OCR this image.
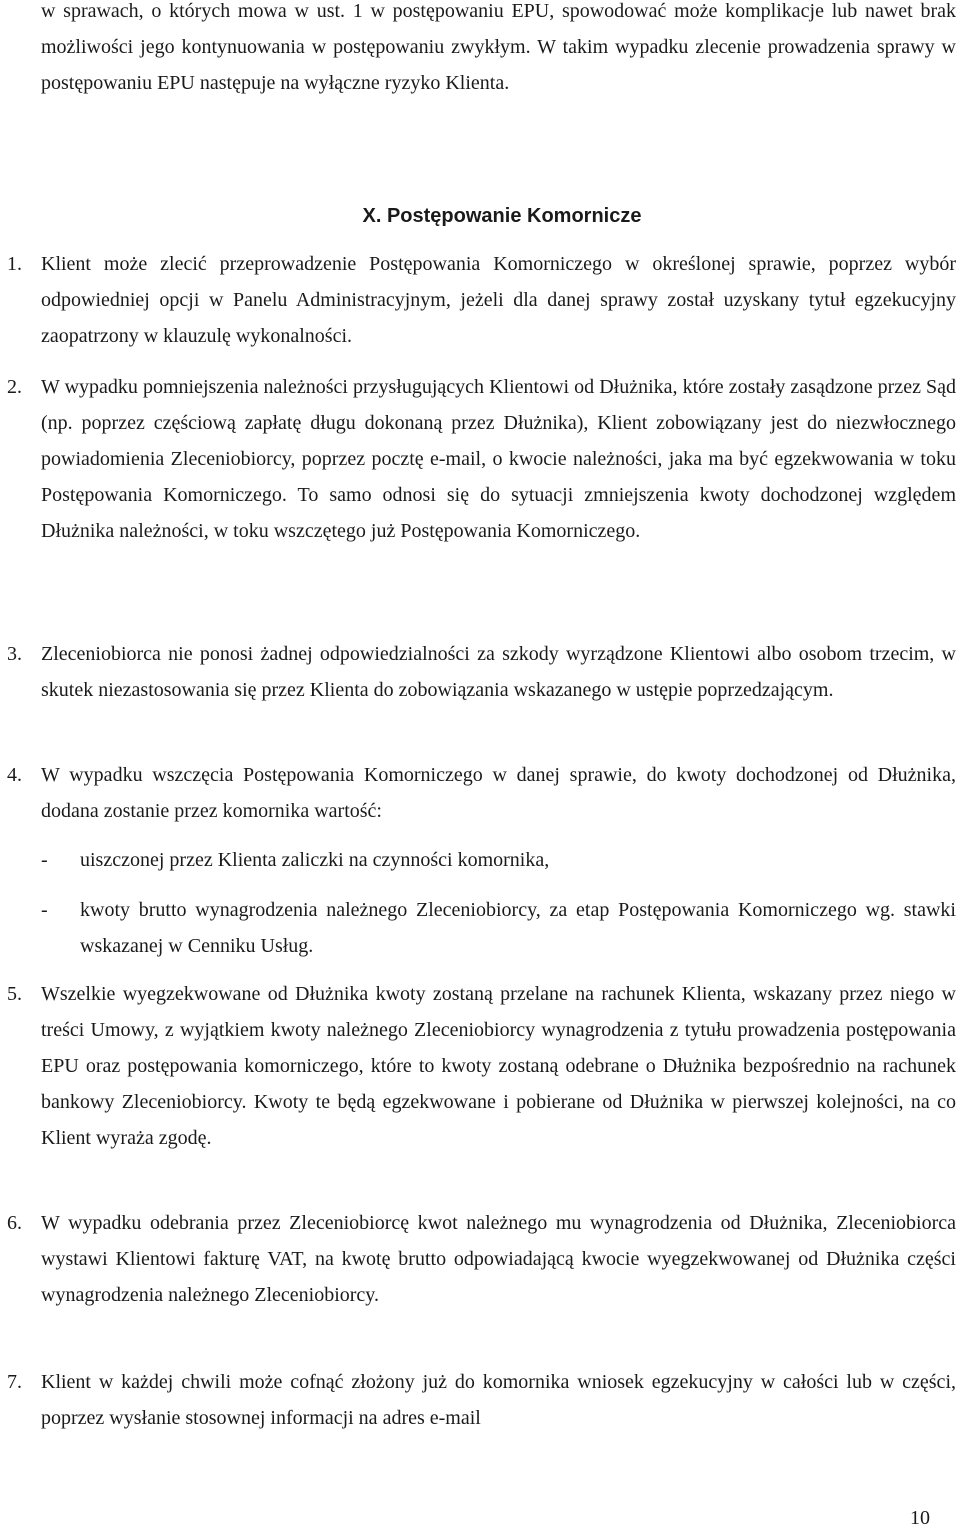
w sprawach, o których mowa w ust. 1 w postępowaniu EPU, spowodować może komplikacje lub nawet brak możliwości jego kontynuowania w postępowaniu zwykłym. W takim wypadku zlecenie prowadzenia sprawy w postępowaniu EPU następuje na wyłączne ryzyko Klienta.

X. Postępowanie Komornicze

1. Klient może zlecić przeprowadzenie Postępowania Komorniczego w określonej sprawie, poprzez wybór odpowiedniej opcji w Panelu Administracyjnym, jeżeli dla danej sprawy został uzyskany tytuł egzekucyjny zaopatrzony w klauzulę wykonalności.

2. W wypadku pomniejszenia należności przysługujących Klientowi od Dłużnika, które zostały zasądzone przez Sąd (np. poprzez częściową zapłatę długu dokonaną przez Dłużnika), Klient zobowiązany jest do niezwłocznego powiadomienia Zleceniobiorcy, poprzez pocztę e-mail, o kwocie należności, jaka ma być egzekwowania w toku Postępowania Komorniczego. To samo odnosi się do sytuacji zmniejszenia kwoty dochodzonej względem Dłużnika należności, w toku wszczętego już Postępowania Komorniczego.

3. Zleceniobiorca nie ponosi żadnej odpowiedzialności za szkody wyrządzone Klientowi albo osobom trzecim, w skutek niezastosowania się przez Klienta do zobowiązania wskazanego w ustępie poprzedzającym.

4. W wypadku wszczęcia Postępowania Komorniczego w danej sprawie, do kwoty dochodzonej od Dłużnika, dodana zostanie przez komornika wartość:

- uiszczonej przez Klienta zaliczki na czynności komornika,

- kwoty brutto wynagrodzenia należnego Zleceniobiorcy, za etap Postępowania Komorniczego wg. stawki wskazanej w Cenniku Usług.

5. Wszelkie wyegzekwowane od Dłużnika kwoty zostaną przelane na rachunek Klienta, wskazany przez niego w treści Umowy, z wyjątkiem kwoty należnego Zleceniobiorcy wynagrodzenia z tytułu prowadzenia postępowania EPU oraz postępowania komorniczego, które to kwoty zostaną odebrane o Dłużnika bezpośrednio na rachunek bankowy Zleceniobiorcy. Kwoty te będą egzekwowane i pobierane od Dłużnika w pierwszej kolejności, na co Klient wyraża zgodę.

6. W wypadku odebrania przez Zleceniobiorcę kwot należnego mu wynagrodzenia od Dłużnika, Zleceniobiorca wystawi Klientowi fakturę VAT, na kwotę brutto odpowiadającą kwocie wyegzekwowanej od Dłużnika części wynagrodzenia należnego Zleceniobiorcy.

7. Klient w każdej chwili może cofnąć złożony już do komornika wniosek egzekucyjny w całości lub w części, poprzez wysłanie stosownej informacji na adres e-mail

10
